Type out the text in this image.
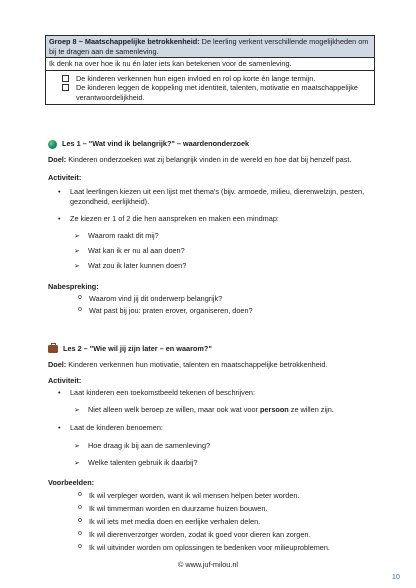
Groep 8 ~ Maatschappelijke betrokkenheid: De leerling verkent verschillende mogelijkheden om bij te dragen aan de samenleving.
Ik denk na over hoe ik nu én later iets kan betekenen voor de samenleving.
De kinderen verkennen hun eigen invloed en rol op korte én lange termijn.
De kinderen leggen de koppeling met identiteit, talenten, motivatie en maatschappelijke verantwoordelijkheid.
Les 1 – "Wat vind ik belangrijk?" – waardenonderzoek
Doel: Kinderen onderzoeken wat zij belangrijk vinden in de wereld en hoe dat bij henzelf past.
Activiteit:
• Laat leerlingen kiezen uit een lijst met thema's (bijv. armoede, milieu, dierenwelzijn, pesten, gezondheid, eerlijkheid).
• Ze kiezen er 1 of 2 die hen aanspreken en maken een mindmap:
➢ Waarom raakt dit mij?
➢ Wat kan ik er nu al aan doen?
➢ Wat zou ik later kunnen doen?
Nabespreking:
o Waarom vind jij dit onderwerp belangrijk?
o Wat past bij jou: praten erover, organiseren, doen?
Les 2 – "Wie wil jij zijn later – en waarom?"
Doel: Kinderen verkennen hun motivatie, talenten en maatschappelijke betrokkenheid.
Activiteit:
• Laat kinderen een toekomstbeeld tekenen of beschrijven:
➢ Niet alleen welk beroep ze willen, maar ook wat voor persoon ze willen zijn.
• Laat de kinderen benoemen:
➢ Hoe draag ik bij aan de samenleving?
➢ Welke talenten gebruik ik daarbij?
Voorbeelden:
o Ik wil verpleger worden, want ik wil mensen helpen beter worden.
o Ik wil timmerman worden en duurzame huizen bouwen.
o Ik wil iets met media doen en eerlijke verhalen delen.
o Ik wil dierenverzorger worden, zodat ik goed voor dieren kan zorgen.
o Ik wil uitvinder worden om oplossingen te bedenken voor milieuproblemen.
© www.juf-milou.nl
10
